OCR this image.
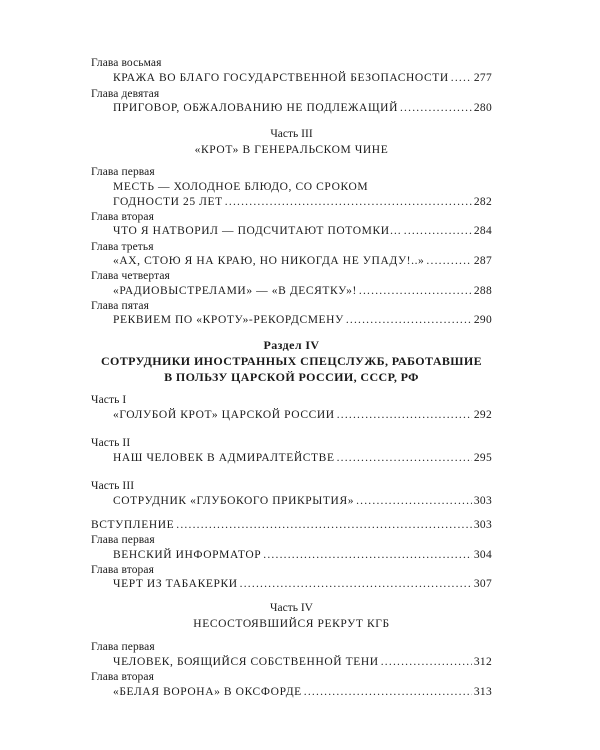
Глава восьмая
КРАЖА ВО БЛАГО ГОСУДАРСТВЕННОЙ БЕЗОПАСНОСТИ ..... 277
Глава девятая
ПРИГОВОР, ОБЖАЛОВАНИЮ НЕ ПОДЛЕЖАЩИЙ .....	280
Часть III
«КРОТ» В ГЕНЕРАЛЬСКОМ ЧИНЕ
Глава первая
МЕСТЬ — ХОЛОДНОЕ БЛЮДО, СО СРОКОМ
ГОДНОСТИ 25 ЛЕТ .....	282
Глава вторая
ЧТО Я НАТВОРИЛ — ПОДСЧИТАЮТ ПОТОМКИ… .....	284
Глава третья
«АХ, СТОЮ Я НА КРАЮ, НО НИКОГДА НЕ УПАДУ!..» .....	287
Глава четвертая
«РАДИОВЫСТРЕЛАМИ» — «В ДЕСЯТКУ»! .....	288
Глава пятая
РЕКВИЕМ ПО «КРОТУ»-РЕКОРДСМЕНУ .....	290
Раздел IV
СОТРУДНИКИ ИНОСТРАННЫХ СПЕЦСЛУЖБ, РАБОТАВШИЕ
В ПОЛЬЗУ ЦАРСКОЙ РОССИИ, СССР, РФ
Часть I
«ГОЛУБОЙ КРОТ» ЦАРСКОЙ РОССИИ .....	292
Часть II
НАШ ЧЕЛОВЕК В АДМИРАЛТЕЙСТВЕ .....	295
Часть III
СОТРУДНИК «ГЛУБОКОГО ПРИКРЫТИЯ» .....	303
ВСТУПЛЕНИЕ .....	303
Глава первая
ВЕНСКИЙ ИНФОРМАТОР .....	304
Глава вторая
ЧЕРТ ИЗ ТАБАКЕРКИ .....	307
Часть IV
НЕСОСТОЯВШИЙСЯ РЕКРУТ КГБ
Глава первая
ЧЕЛОВЕК, БОЯЩИЙСЯ СОБСТВЕННОЙ ТЕНИ .....	312
Глава вторая
«БЕЛАЯ ВОРОНА» В ОКСФОРДЕ .....	313
